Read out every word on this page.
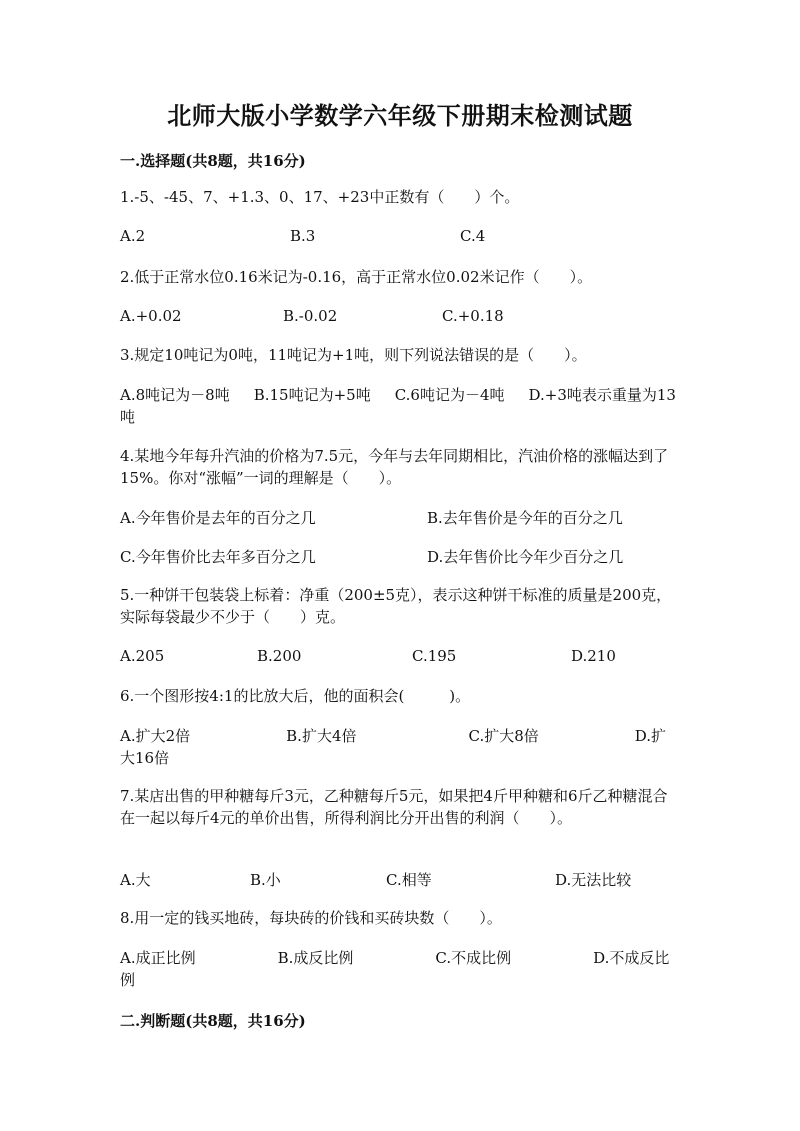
北师大版小学数学六年级下册期末检测试题
一.选择题(共8题，共16分)
1.-5、-45、7、+1.3、0、17、+23中正数有（　　）个。
A.2	B.3	C.4
2.低于正常水位0.16米记为-0.16，高于正常水位0.02米记作（　　）。
A.+0.02	B.-0.02	C.+0.18
3.规定10吨记为0吨，11吨记为+1吨，则下列说法错误的是（　　）。
A.8吨记为－8吨 B.15吨记为+5吨 C.6吨记为－4吨 D.+3吨表示重量为13吨
4.某地今年每升汽油的价格为7.5元，今年与去年同期相比，汽油价格的涨幅达到了15%。你对“涨幅”一词的理解是（　　）。
A.今年售价是去年的百分之几	B.去年售价是今年的百分之几
C.今年售价比去年多百分之几	D.去年售价比今年少百分之几
5.一种饼干包装袋上标着：净重（200±5克），表示这种饼干标准的质量是200克，实际每袋最少不少于（　　）克。
A.205	B.200	C.195	D.210
6.一个图形按4:1的比放大后，他的面积会(　　　)。
A.扩大2倍	B.扩大4倍	C.扩大8倍	D.扩大16倍
7.某店出售的甲种糖每斤3元，乙种糖每斤5元，如果把4斤甲种糖和6斤乙种糖混合在一起以每斤4元的单价出售，所得利润比分开出售的利润（　　）。
A.大	B.小	C.相等	D.无法比较
8.用一定的钱买地砖，每块砖的价钱和买砖块数（　　）。
A.成正比例	B.成反比例	C.不成比例	D.不成反比例
二.判断题(共8题，共16分)
